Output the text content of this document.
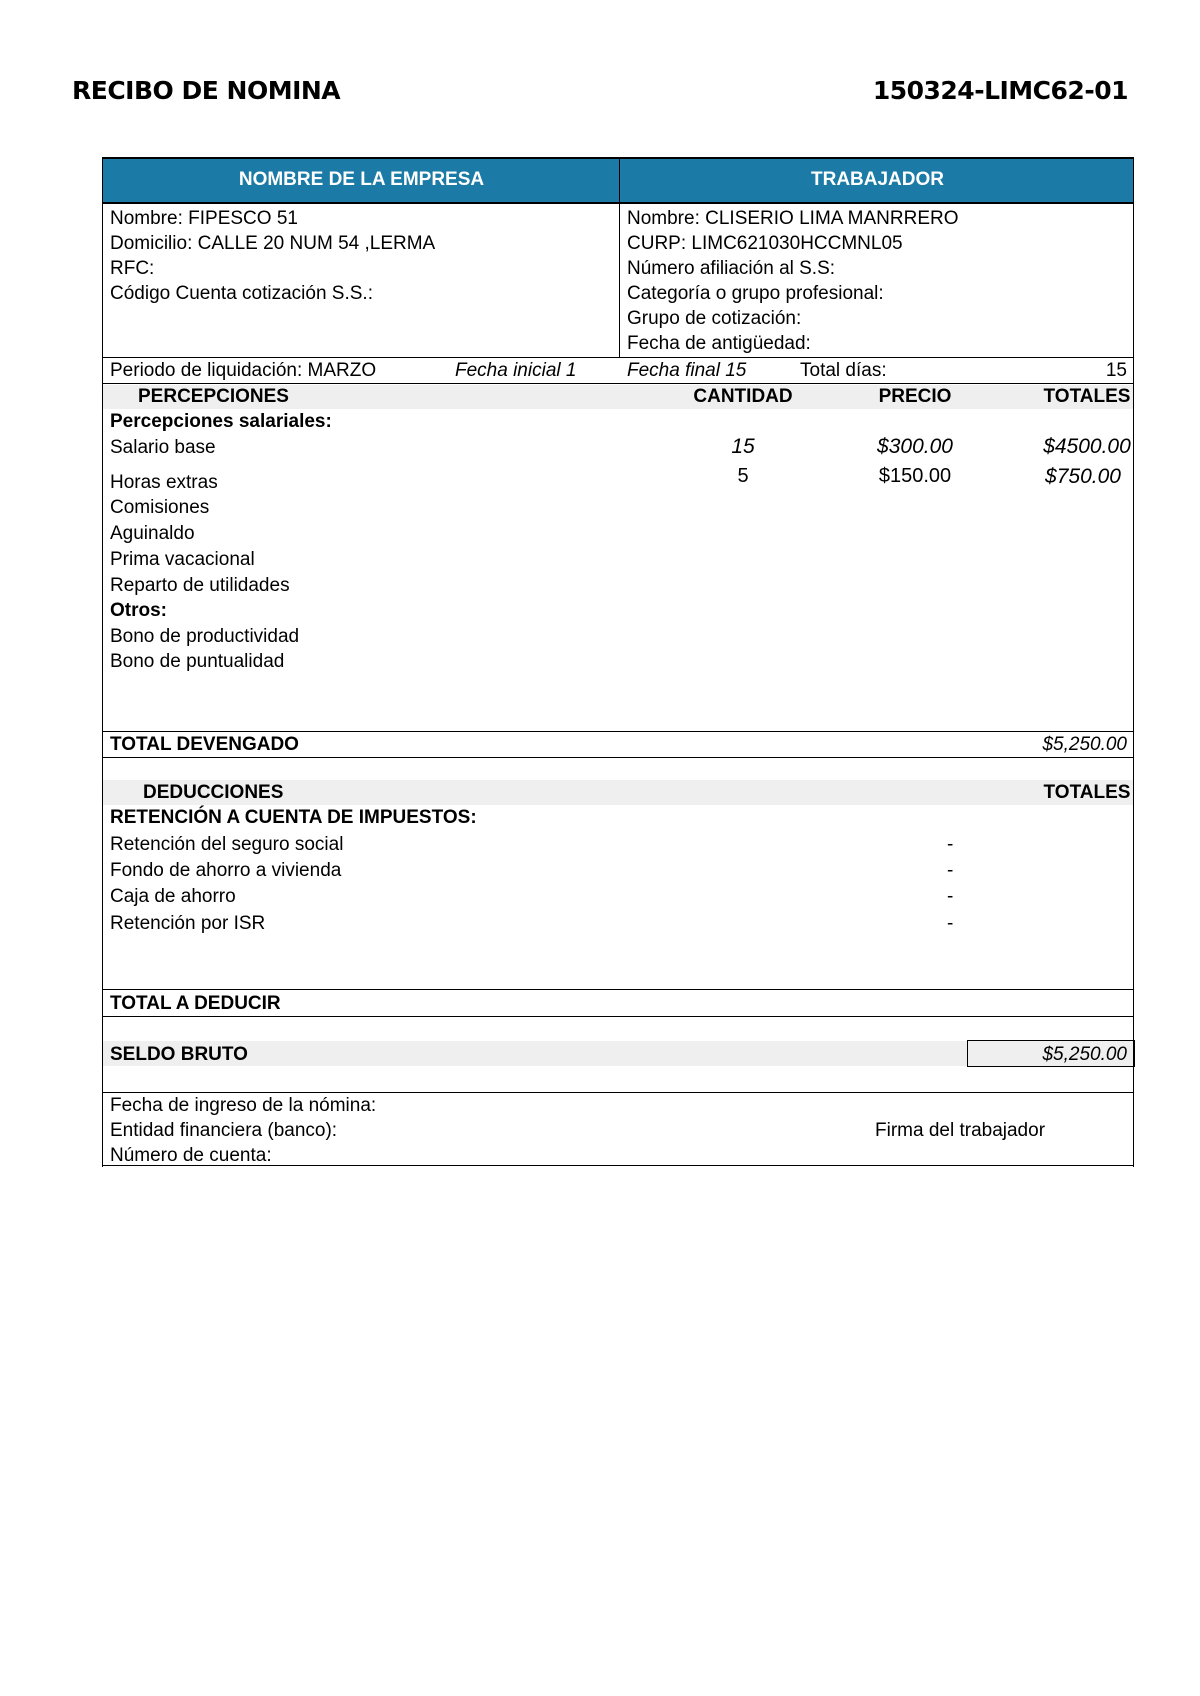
RECIBO DE NOMINA	150324-LIMC62-01
NOMBRE DE LA EMPRESA	TRABAJADOR
Nombre: FIPESCO 51
Domicilio: CALLE 20 NUM 54 ,LERMA
RFC:
Código Cuenta cotización S.S.:
Nombre: CLISERIO LIMA MANRRERO
CURP: LIMC621030HCCMNL05
Número afiliación al S.S:
Categoría o grupo profesional:
Grupo de cotización:
Fecha de antigüedad:
Periodo de liquidación: MARZO	Fecha inicial 1	Fecha final 15	Total días:	15
PERCEPCIONES	CANTIDAD	PRECIO	TOTALES
Percepciones salariales:
Salario base	15	$300.00	$4500.00
Horas extras	5	$150.00	$750.00
Comisiones
Aguinaldo
Prima vacacional
Reparto de utilidades
Otros:
Bono de productividad
Bono de puntualidad
TOTAL DEVENGADO	$5,250.00
DEDUCCIONES	TOTALES
RETENCIÓN A CUENTA DE IMPUESTOS:
Retención del seguro social	-
Fondo de ahorro a vivienda	-
Caja de ahorro	-
Retención por ISR	-
TOTAL A DEDUCIR
SELDO BRUTO	$5,250.00
Fecha de ingreso de la nómina:
Entidad financiera (banco):
Número de cuenta:
Firma del trabajador
